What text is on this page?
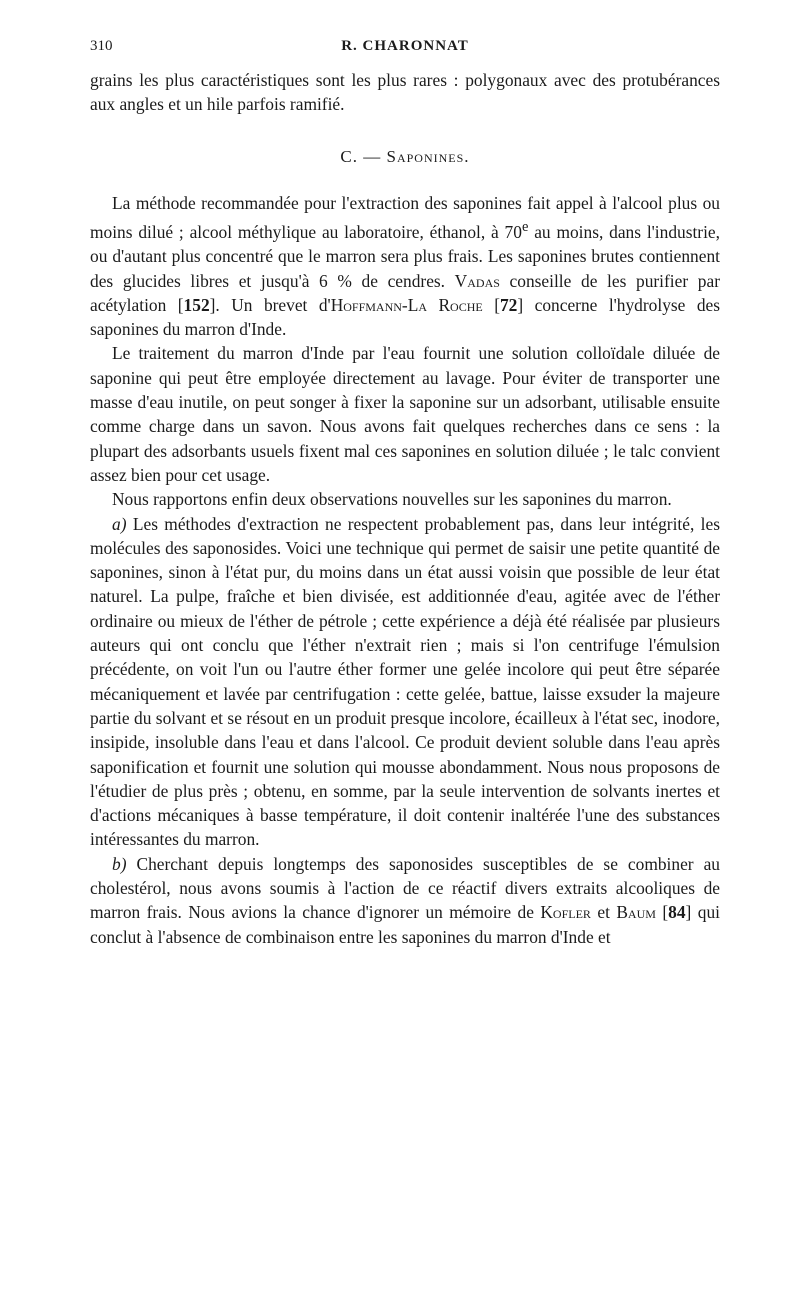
310	R. CHARONNAT

grains les plus caractéristiques sont les plus rares : polygonaux avec des protubérances aux angles et un hile parfois ramifié.

C. — Saponines.

La méthode recommandée pour l'extraction des saponines fait appel à l'alcool plus ou moins dilué ; alcool méthylique au laboratoire, éthanol, à 70e au moins, dans l'industrie, ou d'autant plus concentré que le marron sera plus frais. Les saponines brutes contiennent des glucides libres et jusqu'à 6 % de cendres. Vadas conseille de les purifier par acétylation [152]. Un brevet d'Hoffmann-La Roche [72] concerne l'hydrolyse des saponines du marron d'Inde.

Le traitement du marron d'Inde par l'eau fournit une solution colloïdale diluée de saponine qui peut être employée directement au lavage. Pour éviter de transporter une masse d'eau inutile, on peut songer à fixer la saponine sur un adsorbant, utilisable ensuite comme charge dans un savon. Nous avons fait quelques recherches dans ce sens : la plupart des adsorbants usuels fixent mal ces saponines en solution diluée ; le talc convient assez bien pour cet usage.

Nous rapportons enfin deux observations nouvelles sur les saponines du marron.

a) Les méthodes d'extraction ne respectent probablement pas, dans leur intégrité, les molécules des saponosides. Voici une technique qui permet de saisir une petite quantité de saponines, sinon à l'état pur, du moins dans un état aussi voisin que possible de leur état naturel. La pulpe, fraîche et bien divisée, est additionnée d'eau, agitée avec de l'éther ordinaire ou mieux de l'éther de pétrole ; cette expérience a déjà été réalisée par plusieurs auteurs qui ont conclu que l'éther n'extrait rien ; mais si l'on centrifuge l'émulsion précédente, on voit l'un ou l'autre éther former une gelée incolore qui peut être séparée mécaniquement et lavée par centrifugation : cette gelée, battue, laisse exsuder la majeure partie du solvant et se résout en un produit presque incolore, écailleux à l'état sec, inodore, insipide, insoluble dans l'eau et dans l'alcool. Ce produit devient soluble dans l'eau après saponification et fournit une solution qui mousse abondamment. Nous nous proposons de l'étudier de plus près ; obtenu, en somme, par la seule intervention de solvants inertes et d'actions mécaniques à basse température, il doit contenir inaltérée l'une des substances intéressantes du marron.

b) Cherchant depuis longtemps des saponosides susceptibles de se combiner au cholestérol, nous avons soumis à l'action de ce réactif divers extraits alcooliques de marron frais. Nous avions la chance d'ignorer un mémoire de Kofler et Baum [84] qui conclut à l'absence de combinaison entre les saponines du marron d'Inde et
